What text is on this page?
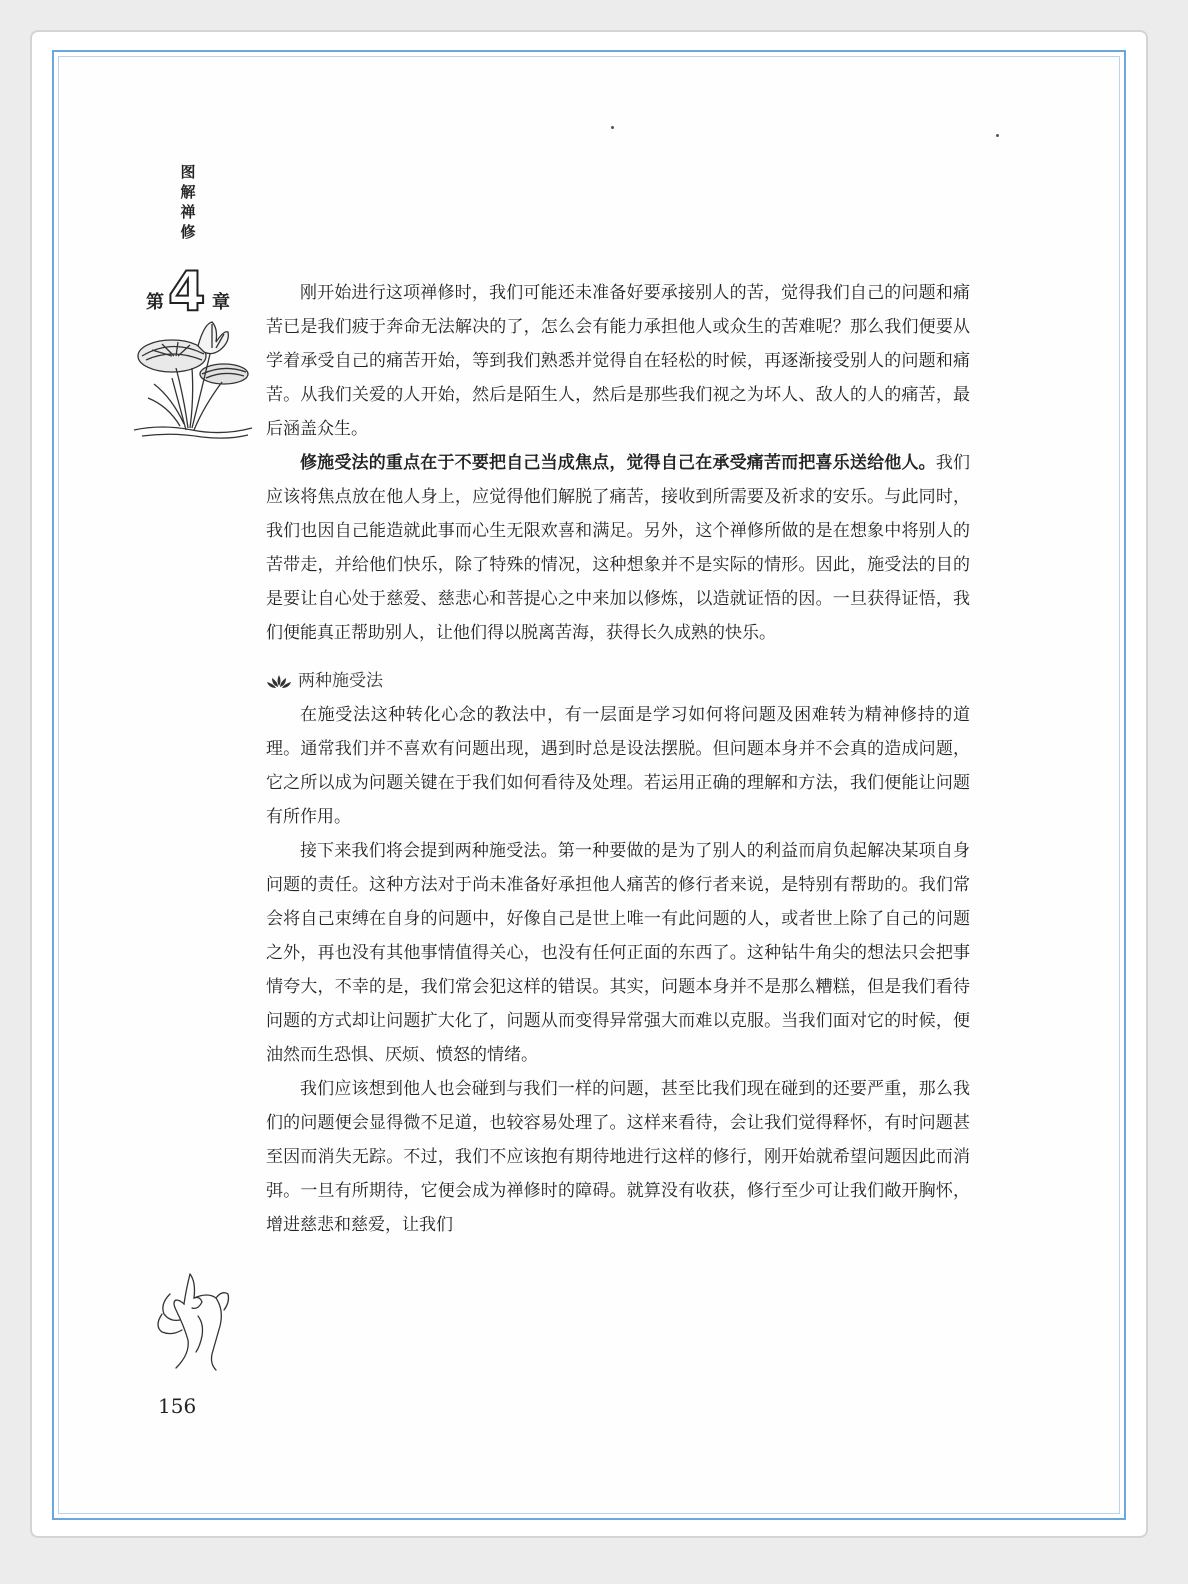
图
解
禅
修
第 4 章	刚开始进行这项禅修时，我们可能还未准备好要承接别人的苦，觉得我们自己的问题和痛苦已是我们疲于奔命无法解决的了，怎么会有能力承担他人或众生的苦难呢？那么我们便要从学着承受自己的痛苦开始，等到我们熟悉并觉得自在轻松的时候，再逐渐接受别人的问题和痛苦。从我们关爱的人开始，然后是陌生人，然后是那些我们视之为坏人、敌人的人的痛苦，最后涵盖众生。

修施受法的重点在于不要把自己当成焦点，觉得自己在承受痛苦而把喜乐送给他人。我们应该将焦点放在他人身上，应觉得他们解脱了痛苦，接收到所需要及祈求的安乐。与此同时，我们也因自己能造就此事而心生无限欢喜和满足。另外，这个禅修所做的是在想象中将别人的苦带走，并给他们快乐，除了特殊的情况，这种想象并不是实际的情形。因此，施受法的目的是要让自心处于慈爱、慈悲心和菩提心之中来加以修炼，以造就证悟的因。一旦获得证悟，我们便能真正帮助别人，让他们得以脱离苦海，获得长久成熟的快乐。

两种施受法

在施受法这种转化心念的教法中，有一层面是学习如何将问题及困难转为精神修持的道理。通常我们并不喜欢有问题出现，遇到时总是设法摆脱。但问题本身并不会真的造成问题，它之所以成为问题关键在于我们如何看待及处理。若运用正确的理解和方法，我们便能让问题有所作用。

接下来我们将会提到两种施受法。第一种要做的是为了别人的利益而肩负起解决某项自身问题的责任。这种方法对于尚未准备好承担他人痛苦的修行者来说，是特别有帮助的。我们常会将自己束缚在自身的问题中，好像自己是世上唯一有此问题的人，或者世上除了自己的问题之外，再也没有其他事情值得关心，也没有任何正面的东西了。这种钻牛角尖的想法只会把事情夸大，不幸的是，我们常会犯这样的错误。其实，问题本身并不是那么糟糕，但是我们看待问题的方式却让问题扩大化了，问题从而变得异常强大而难以克服。当我们面对它的时候，便油然而生恐惧、厌烦、愤怒的情绪。

我们应该想到他人也会碰到与我们一样的问题，甚至比我们现在碰到的还要严重，那么我们的问题便会显得微不足道，也较容易处理了。这样来看待，会让我们觉得释怀，有时问题甚至因而消失无踪。不过，我们不应该抱有期待地进行这样的修行，刚开始就希望问题因此而消弭。一旦有所期待，它便会成为禅修时的障碍。就算没有收获，修行至少可让我们敞开胸怀，增进慈悲和慈爱，让我们

156
